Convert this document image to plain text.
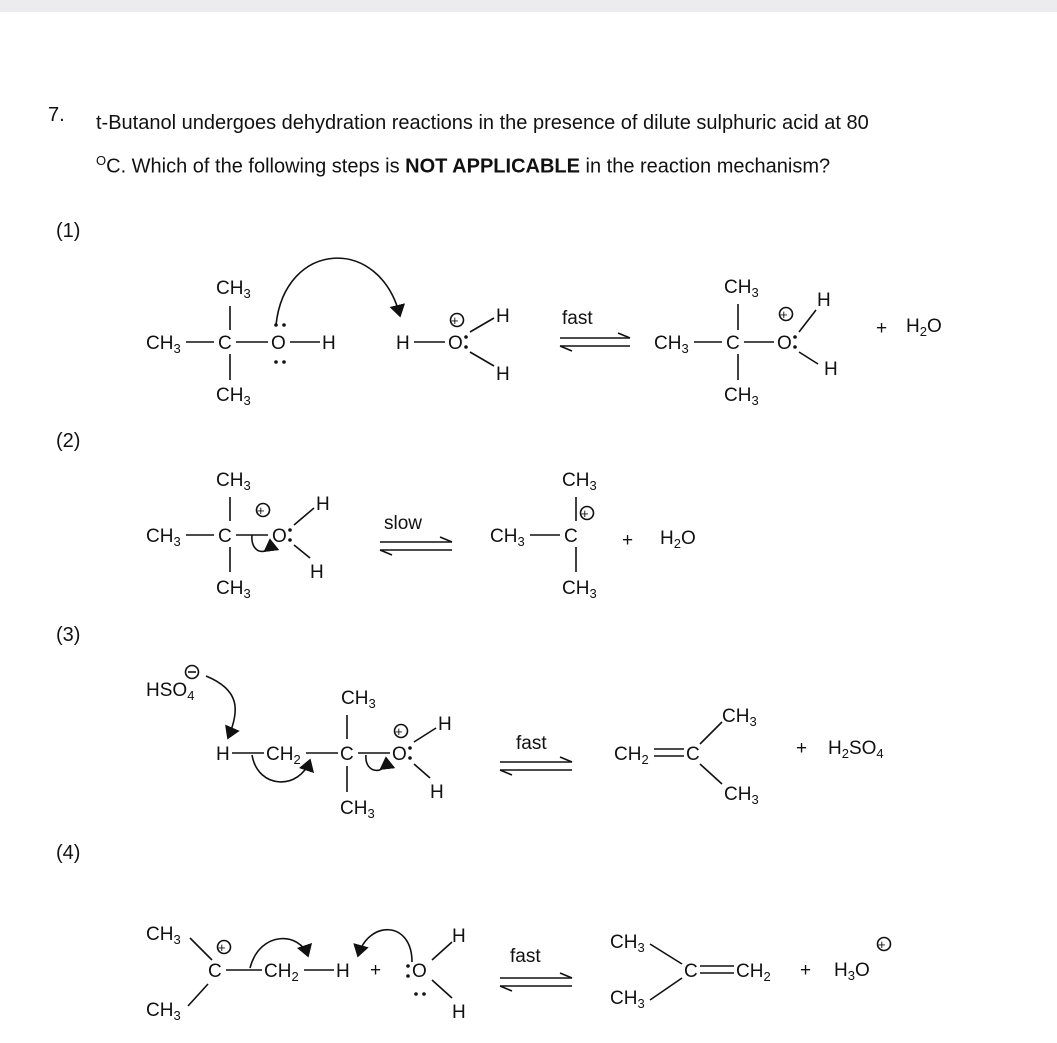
7. t-Butanol undergoes dehydration reactions in the presence of dilute sulphuric acid at 80
$^O$C. Which of the following steps is NOT APPLICABLE in the reaction mechanism?
(1)
(2)
(3)
(4)
$CH_3$
$CH_3$ C O H
$CH_3$
H O
+ H
H
fast
$CH_3$
$CH_3$ C O
+
H
H
$CH_3$
+ $H_2O$
$CH_3$
$CH_3$ C O
+	H
H
$CH_3$
slow
$CH_3$
+
$CH_3$ C
$CH_3$
+ $H_2O$
$HSO_4$	$CH_3$
H $CH_2$ C O
+ H
H
$CH_3$
fast
$CH_2$ C
$CH_3$
$CH_3$
+ $H_2SO_4$
$CH_3$
+
C $CH_2$ H + O
H
H
$CH_3$
fast
$CH_3$
$CH_3$
C $CH_2 + H_3O$
+
